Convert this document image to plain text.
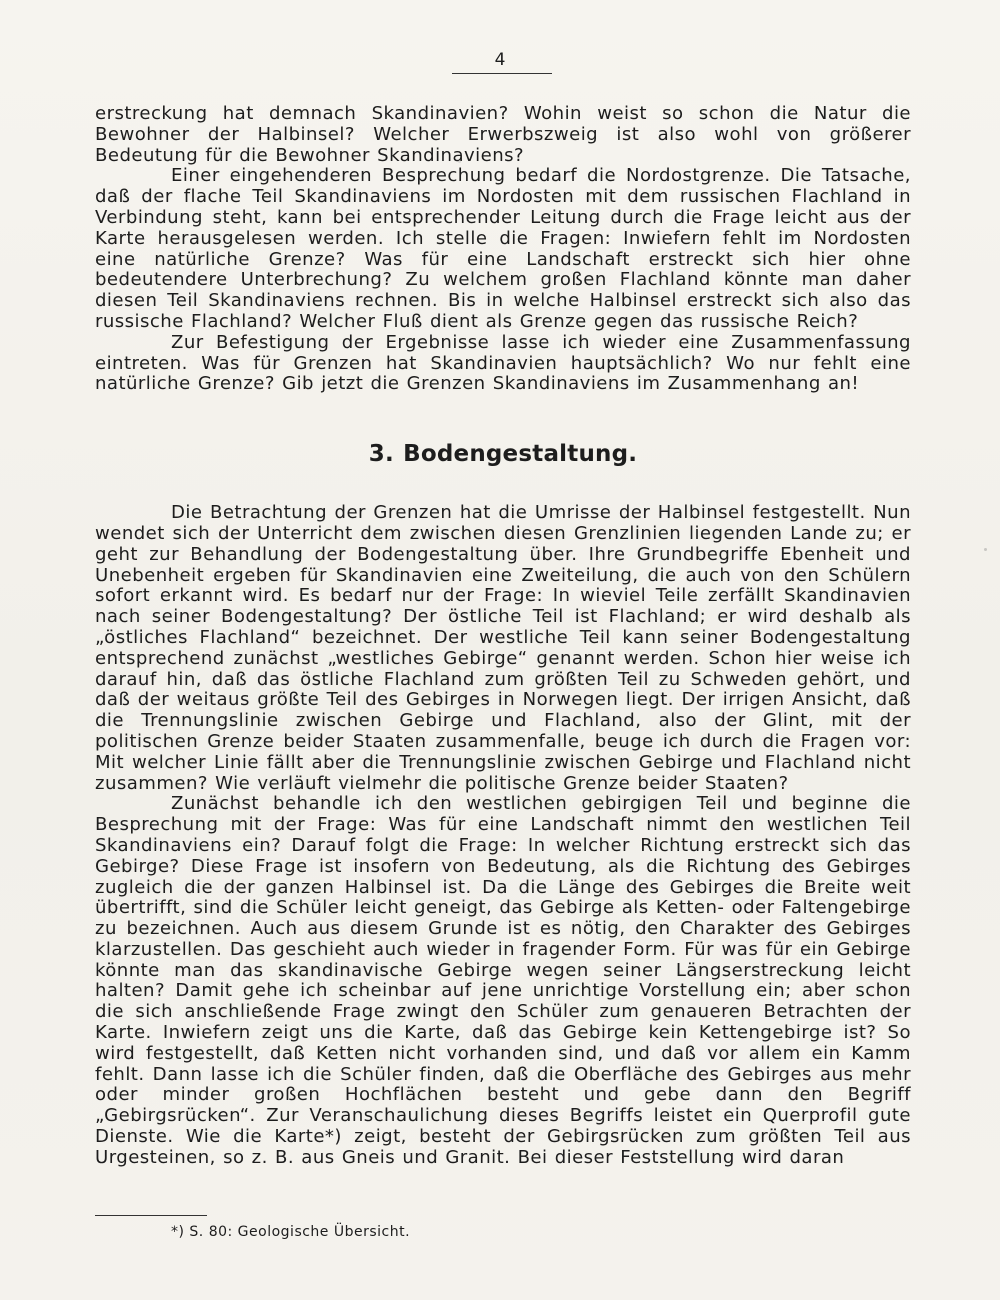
4

erstreckung hat demnach Skandinavien? Wohin weist so schon die Natur die Bewohner der Halbinsel? Welcher Erwerbszweig ist also wohl von größerer Bedeutung für die Bewohner Skandinaviens?

Einer eingehenderen Besprechung bedarf die Nordostgrenze. Die Tatsache, daß der flache Teil Skandinaviens im Nordosten mit dem russischen Flachland in Verbindung steht, kann bei entsprechender Leitung durch die Frage leicht aus der Karte herausgelesen werden. Ich stelle die Fragen: Inwiefern fehlt im Nordosten eine natürliche Grenze? Was für eine Landschaft erstreckt sich hier ohne bedeutendere Unterbrechung? Zu welchem großen Flachland könnte man daher diesen Teil Skandinaviens rechnen. Bis in welche Halbinsel erstreckt sich also das russische Flachland? Welcher Fluß dient als Grenze gegen das russische Reich?

Zur Befestigung der Ergebnisse lasse ich wieder eine Zusammenfassung eintreten. Was für Grenzen hat Skandinavien hauptsächlich? Wo nur fehlt eine natürliche Grenze? Gib jetzt die Grenzen Skandinaviens im Zusammenhang an!

3. Bodengestaltung.

Die Betrachtung der Grenzen hat die Umrisse der Halbinsel festgestellt. Nun wendet sich der Unterricht dem zwischen diesen Grenzlinien liegenden Lande zu; er geht zur Behandlung der Bodengestaltung über. Ihre Grundbegriffe Ebenheit und Unebenheit ergeben für Skandinavien eine Zweiteilung, die auch von den Schülern sofort erkannt wird. Es bedarf nur der Frage: In wieviel Teile zerfällt Skandinavien nach seiner Bodengestaltung? Der östliche Teil ist Flachland; er wird deshalb als „östliches Flachland“ bezeichnet. Der westliche Teil kann seiner Bodengestaltung entsprechend zunächst „westliches Gebirge“ genannt werden. Schon hier weise ich darauf hin, daß das östliche Flachland zum größten Teil zu Schweden gehört, und daß der weitaus größte Teil des Gebirges in Norwegen liegt. Der irrigen Ansicht, daß die Trennungslinie zwischen Gebirge und Flachland, also der Glint, mit der politischen Grenze beider Staaten zusammenfalle, beuge ich durch die Fragen vor: Mit welcher Linie fällt aber die Trennungslinie zwischen Gebirge und Flachland nicht zusammen? Wie verläuft vielmehr die politische Grenze beider Staaten?

Zunächst behandle ich den westlichen gebirgigen Teil und beginne die Besprechung mit der Frage: Was für eine Landschaft nimmt den westlichen Teil Skandinaviens ein? Darauf folgt die Frage: In welcher Richtung erstreckt sich das Gebirge? Diese Frage ist insofern von Bedeutung, als die Richtung des Gebirges zugleich die der ganzen Halbinsel ist. Da die Länge des Gebirges die Breite weit übertrifft, sind die Schüler leicht geneigt, das Gebirge als Ketten- oder Faltengebirge zu bezeichnen. Auch aus diesem Grunde ist es nötig, den Charakter des Gebirges klarzustellen. Das geschieht auch wieder in fragender Form. Für was für ein Gebirge könnte man das skandinavische Gebirge wegen seiner Längserstreckung leicht halten? Damit gehe ich scheinbar auf jene unrichtige Vorstellung ein; aber schon die sich anschließende Frage zwingt den Schüler zum genaueren Betrachten der Karte. Inwiefern zeigt uns die Karte, daß das Gebirge kein Kettengebirge ist? So wird festgestellt, daß Ketten nicht vorhanden sind, und daß vor allem ein Kamm fehlt. Dann lasse ich die Schüler finden, daß die Oberfläche des Gebirges aus mehr oder minder großen Hochflächen besteht und gebe dann den Begriff „Gebirgsrücken“. Zur Veranschaulichung dieses Begriffs leistet ein Querprofil gute Dienste. Wie die Karte*) zeigt, besteht der Gebirgsrücken zum größten Teil aus Urgesteinen, so z. B. aus Gneis und Granit. Bei dieser Feststellung wird daran

*) S. 80: Geologische Übersicht.
